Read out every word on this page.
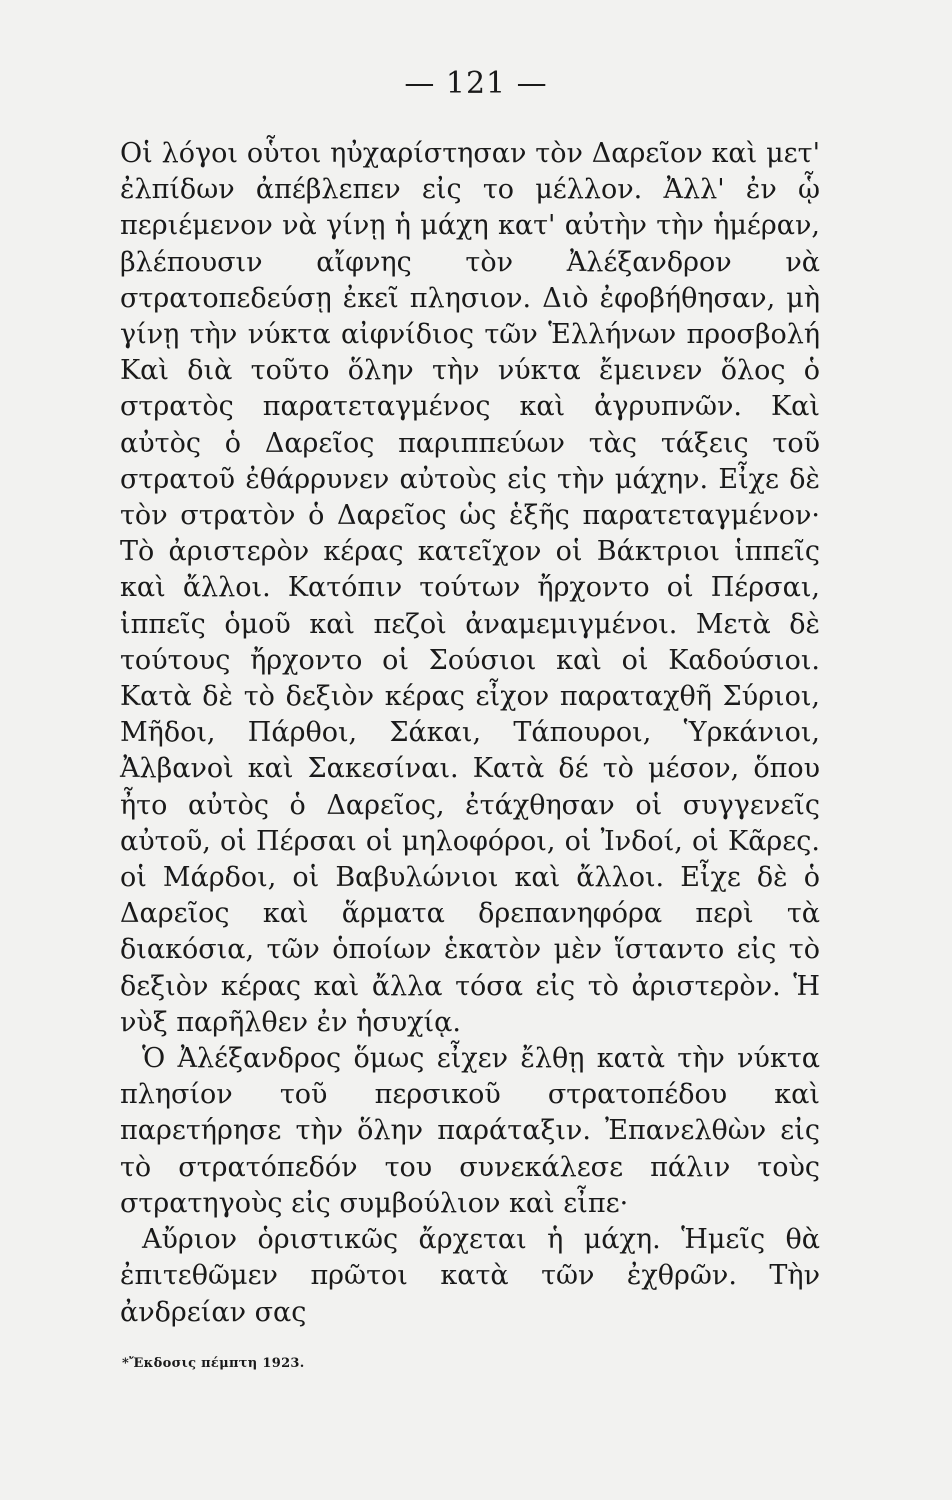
— 121 —

Οἱ λόγοι οὗτοι ηὐχαρίστησαν τὸν Δαρεῖον καὶ μετ' ἐλπίδων ἀπέβλεπεν εἰς το μέλλον. Ἀλλ' ἐν ᾧ περιέμενον νὰ γίνῃ ἡ μάχη κατ' αὐτὴν τὴν ἡμέραν, βλέπουσιν αἴφνης τὸν Ἀλέξανδρον νὰ στρατοπεδεύσῃ ἐκεῖ πλησιον. Διὸ ἐφοβήθησαν, μὴ γίνῃ τὴν νύκτα αἰφνίδιος τῶν Ἑλλήνων προσβολή Καὶ διὰ τοῦτο ὅλην τὴν νύκτα ἔμεινεν ὅλος ὁ στρατὸς παρατεταγμένος καὶ ἀγρυπνῶν. Καὶ αὐτὸς ὁ Δαρεῖος παριππεύων τὰς τάξεις τοῦ στρατοῦ ἐθάρρυνεν αὐτοὺς εἰς τὴν μάχην. Εἶχε δὲ τὸν στρατὸν ὁ Δαρεῖος ὡς ἑξῆς παρατεταγμένον· Τὸ ἀριστερὸν κέρας κατεῖχον οἱ Βάκτριοι ἱππεῖς καὶ ἄλλοι. Κατόπιν τούτων ἤρχοντο οἱ Πέρσαι, ἱππεῖς ὁμοῦ καὶ πεζοὶ ἀναμεμιγμένοι. Μετὰ δὲ τούτους ἤρχοντο οἱ Σούσιοι καὶ οἱ Καδούσιοι. Κατὰ δὲ τὸ δεξιὸν κέρας εἶχον παραταχθῆ Σύριοι, Μῆδοι, Πάρθοι, Σάκαι, Τάπουροι, Ὑρκάνιοι, Ἀλβανοὶ καὶ Σακεσίναι. Κατὰ δέ τὸ μέσον, ὅπου ἦτο αὐτὸς ὁ Δαρεῖος, ἐτάχθησαν οἱ συγγενεῖς αὐτοῦ, οἱ Πέρσαι οἱ μηλοφόροι, οἱ Ἰνδοί, οἱ Κᾶρες. οἱ Μάρδοι, οἱ Βαβυλώνιοι καὶ ἄλλοι. Εἶχε δὲ ὁ Δαρεῖος καὶ ἅρματα δρεπανηφόρα περὶ τὰ διακόσια, τῶν ὁποίων ἑκατὸν μὲν ἵσταντο εἰς τὸ δεξιὸν κέρας καὶ ἄλλα τόσα εἰς τὸ ἀριστερὸν. Ἡ νὺξ παρῆλθεν ἐν ἡσυχίᾳ.

Ὁ Ἀλέξανδρος ὅμως εἶχεν ἔλθῃ κατὰ τὴν νύκτα πλησίον τοῦ περσικοῦ στρατοπέδου καὶ παρετήρησε τὴν ὅλην παράταξιν. Ἐπανελθὼν εἰς τὸ στρατόπεδόν του συνεκάλεσε πάλιν τοὺς στρατηγοὺς εἰς συμβούλιον καὶ εἶπε·

Αὔριον ὁριστικῶς ἄρχεται ἡ μάχη. Ἡμεῖς θὰ ἐπιτεθῶμεν πρῶτοι κατὰ τῶν ἐχθρῶν. Τὴν ἀνδρείαν σας

*Ἔκδοσις πέμπτη 1923.
